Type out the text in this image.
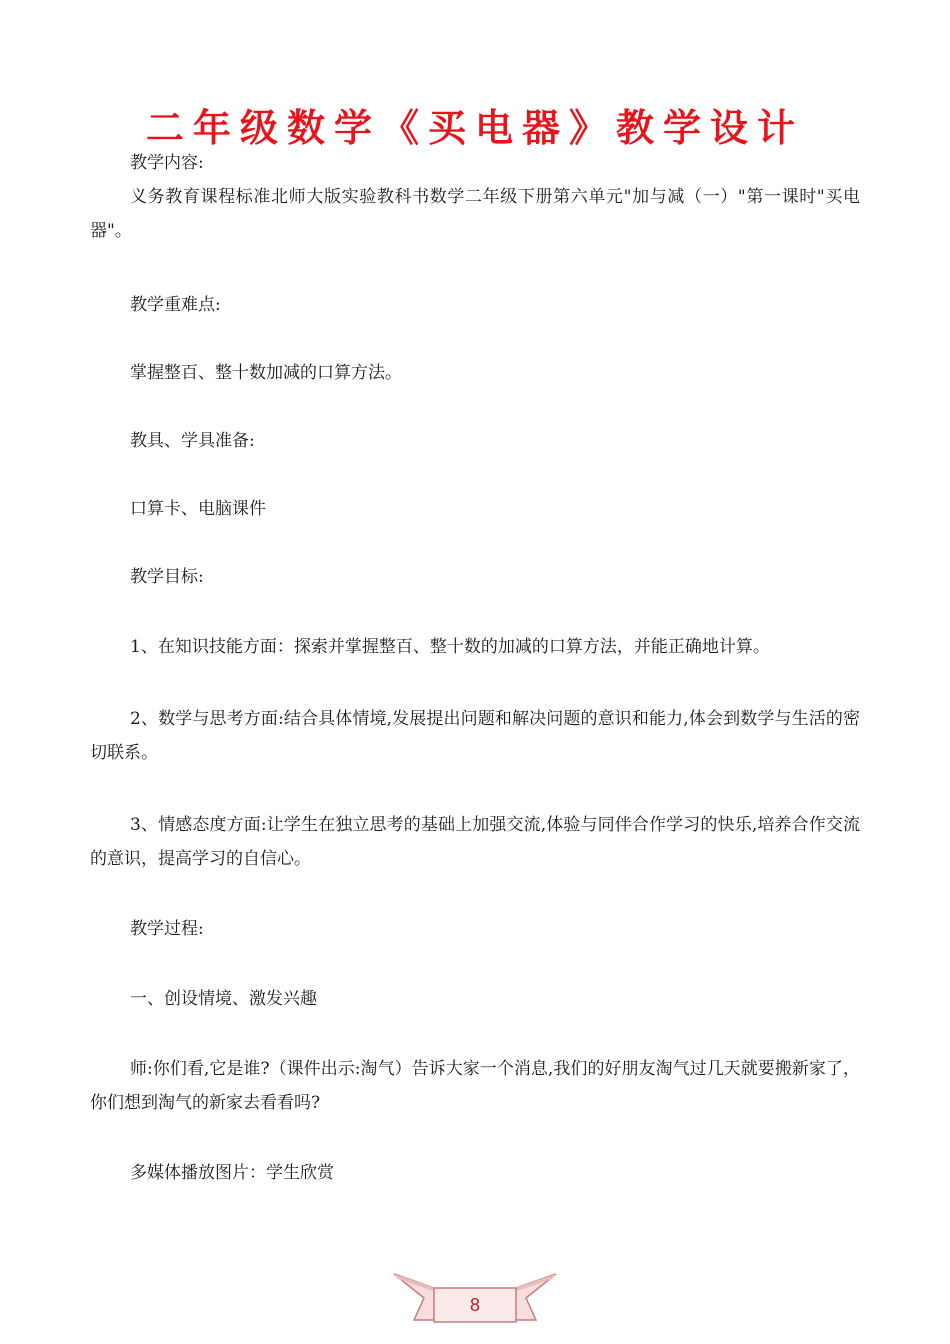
二年级数学《买电器》教学设计

教学内容:

义务教育课程标准北师大版实验教科书数学二年级下册第六单元"加与减（一）"第一课时"买电器"。

教学重难点:

掌握整百、整十数加减的口算方法。

教具、学具准备:

口算卡、电脑课件

教学目标:

1、在知识技能方面：探索并掌握整百、整十数的加减的口算方法，并能正确地计算。

2、数学与思考方面:结合具体情境,发展提出问题和解决问题的意识和能力,体会到数学与生活的密切联系。

3、情感态度方面:让学生在独立思考的基础上加强交流,体验与同伴合作学习的快乐,培养合作交流的意识，提高学习的自信心。

教学过程:

一、创设情境、激发兴趣

师:你们看,它是谁?（课件出示:淘气）告诉大家一个消息,我们的好朋友淘气过几天就要搬新家了，你们想到淘气的新家去看看吗?

多媒体播放图片：学生欣赏

8
